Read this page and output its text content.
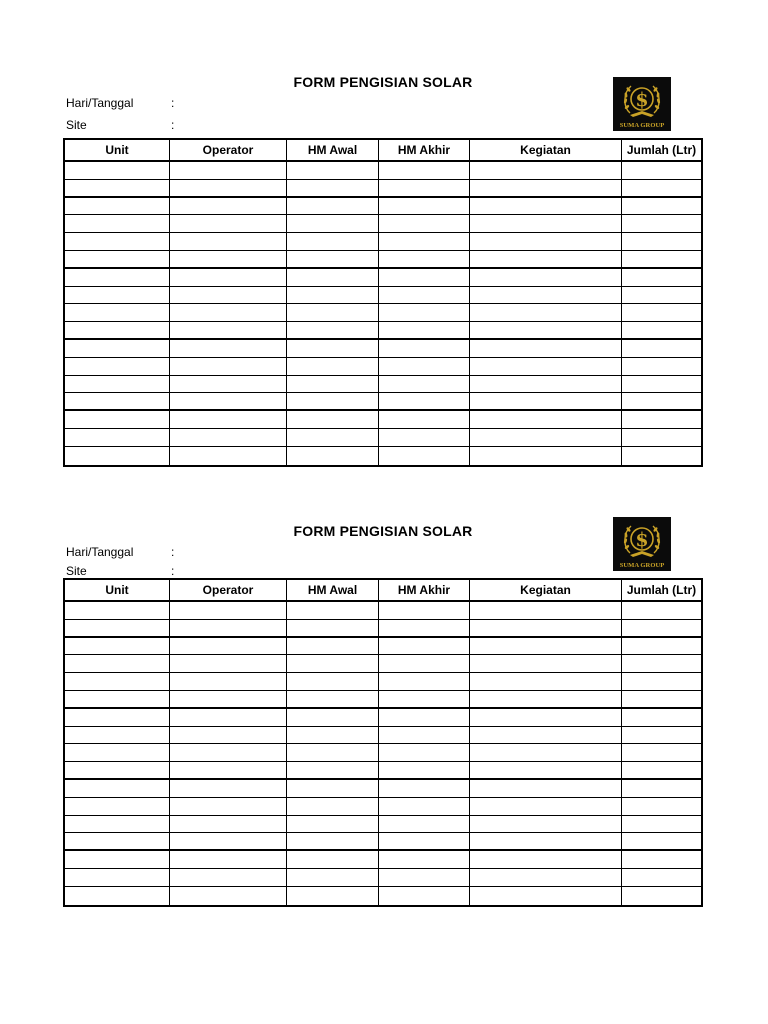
FORM PENGISIAN SOLAR
Hari/Tanggal	:
Site	:
$
SUMA GROUP
Unit	Operator	HM Awal	HM Akhir	Kegiatan	Jumlah (Ltr)
FORM PENGISIAN SOLAR
Hari/Tanggal	:
Site	:
$
SUMA GROUP
Unit	Operator	HM Awal	HM Akhir	Kegiatan	Jumlah (Ltr)
